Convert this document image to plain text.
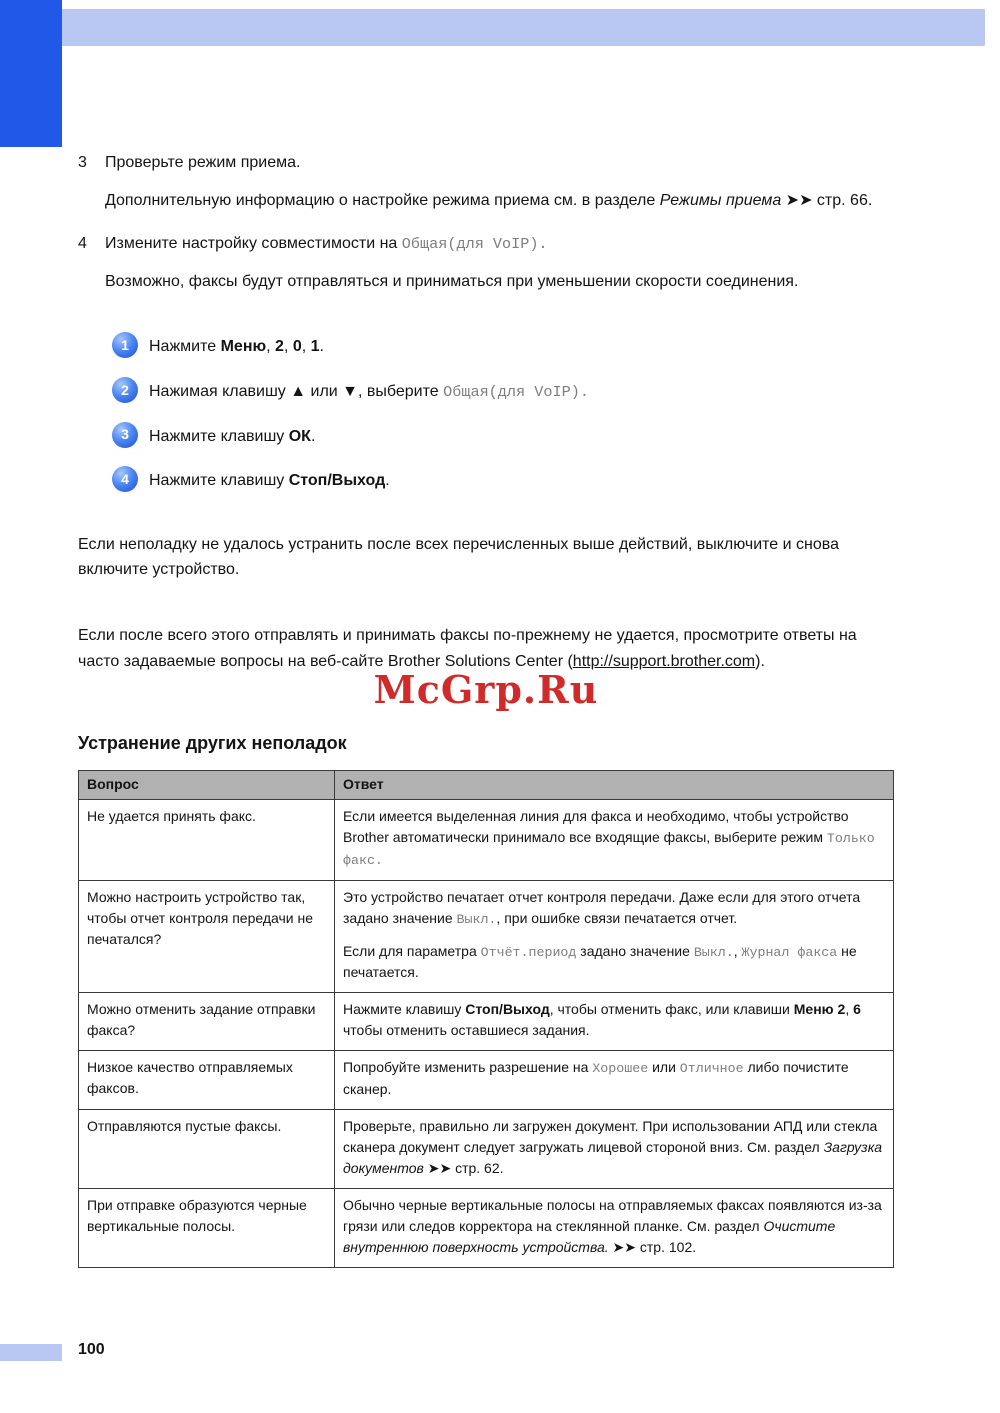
3	Проверьте режим приема.

Дополнительную информацию о настройке режима приема см. в разделе Режимы приема ➤➤ стр. 66.

4	Измените настройку совместимости на Общая(для VoIP).

Возможно, факсы будут отправляться и приниматься при уменьшении скорости соединения.

1	Нажмите Меню, 2, 0, 1.

2	Нажимая клавишу ▲ или ▼, выберите Общая(для VoIP).

3	Нажмите клавишу ОК.

4	Нажмите клавишу Стоп/Выход.

Если неполадку не удалось устранить после всех перечисленных выше действий, выключите и снова включите устройство.

Если после всего этого отправлять и принимать факсы по-прежнему не удается, просмотрите ответы на часто задаваемые вопросы на веб-сайте Brother Solutions Center (http://support.brother.com).

McGrp.Ru
Устранение других неполадок
Вопрос	Ответ

Не удается принять факс.	Если имеется выделенная линия для факса и необходимо, чтобы устройство Brother автоматически принимало все входящие факсы, выберите режим Только факс.

Можно настроить устройство так, чтобы отчет контроля передачи не печатался?	Это устройство печатает отчет контроля передачи. Даже если для этого отчета задано значение Выкл., при ошибке связи печатается отчет.

Если для параметра Отчёт.период задано значение Выкл., Журнал факса не печатается.

Можно отменить задание отправки факса?	Нажмите клавишу Стоп/Выход, чтобы отменить факс, или клавиши Меню 2, 6 чтобы отменить оставшиеся задания.

Низкое качество отправляемых факсов.	Попробуйте изменить разрешение на Хорошее или Отличное либо почистите сканер.

Отправляются пустые факсы.	Проверьте, правильно ли загружен документ. При использовании АПД или стекла сканера документ следует загружать лицевой стороной вниз. См. раздел Загрузка документов ➤➤ стр. 62.

При отправке образуются черные вертикальные полосы.	Обычно черные вертикальные полосы на отправляемых факсах появляются из-за грязи или следов корректора на стеклянной планке. См. раздел Очистите внутреннюю поверхность устройства. ➤➤ стр. 102.

100
